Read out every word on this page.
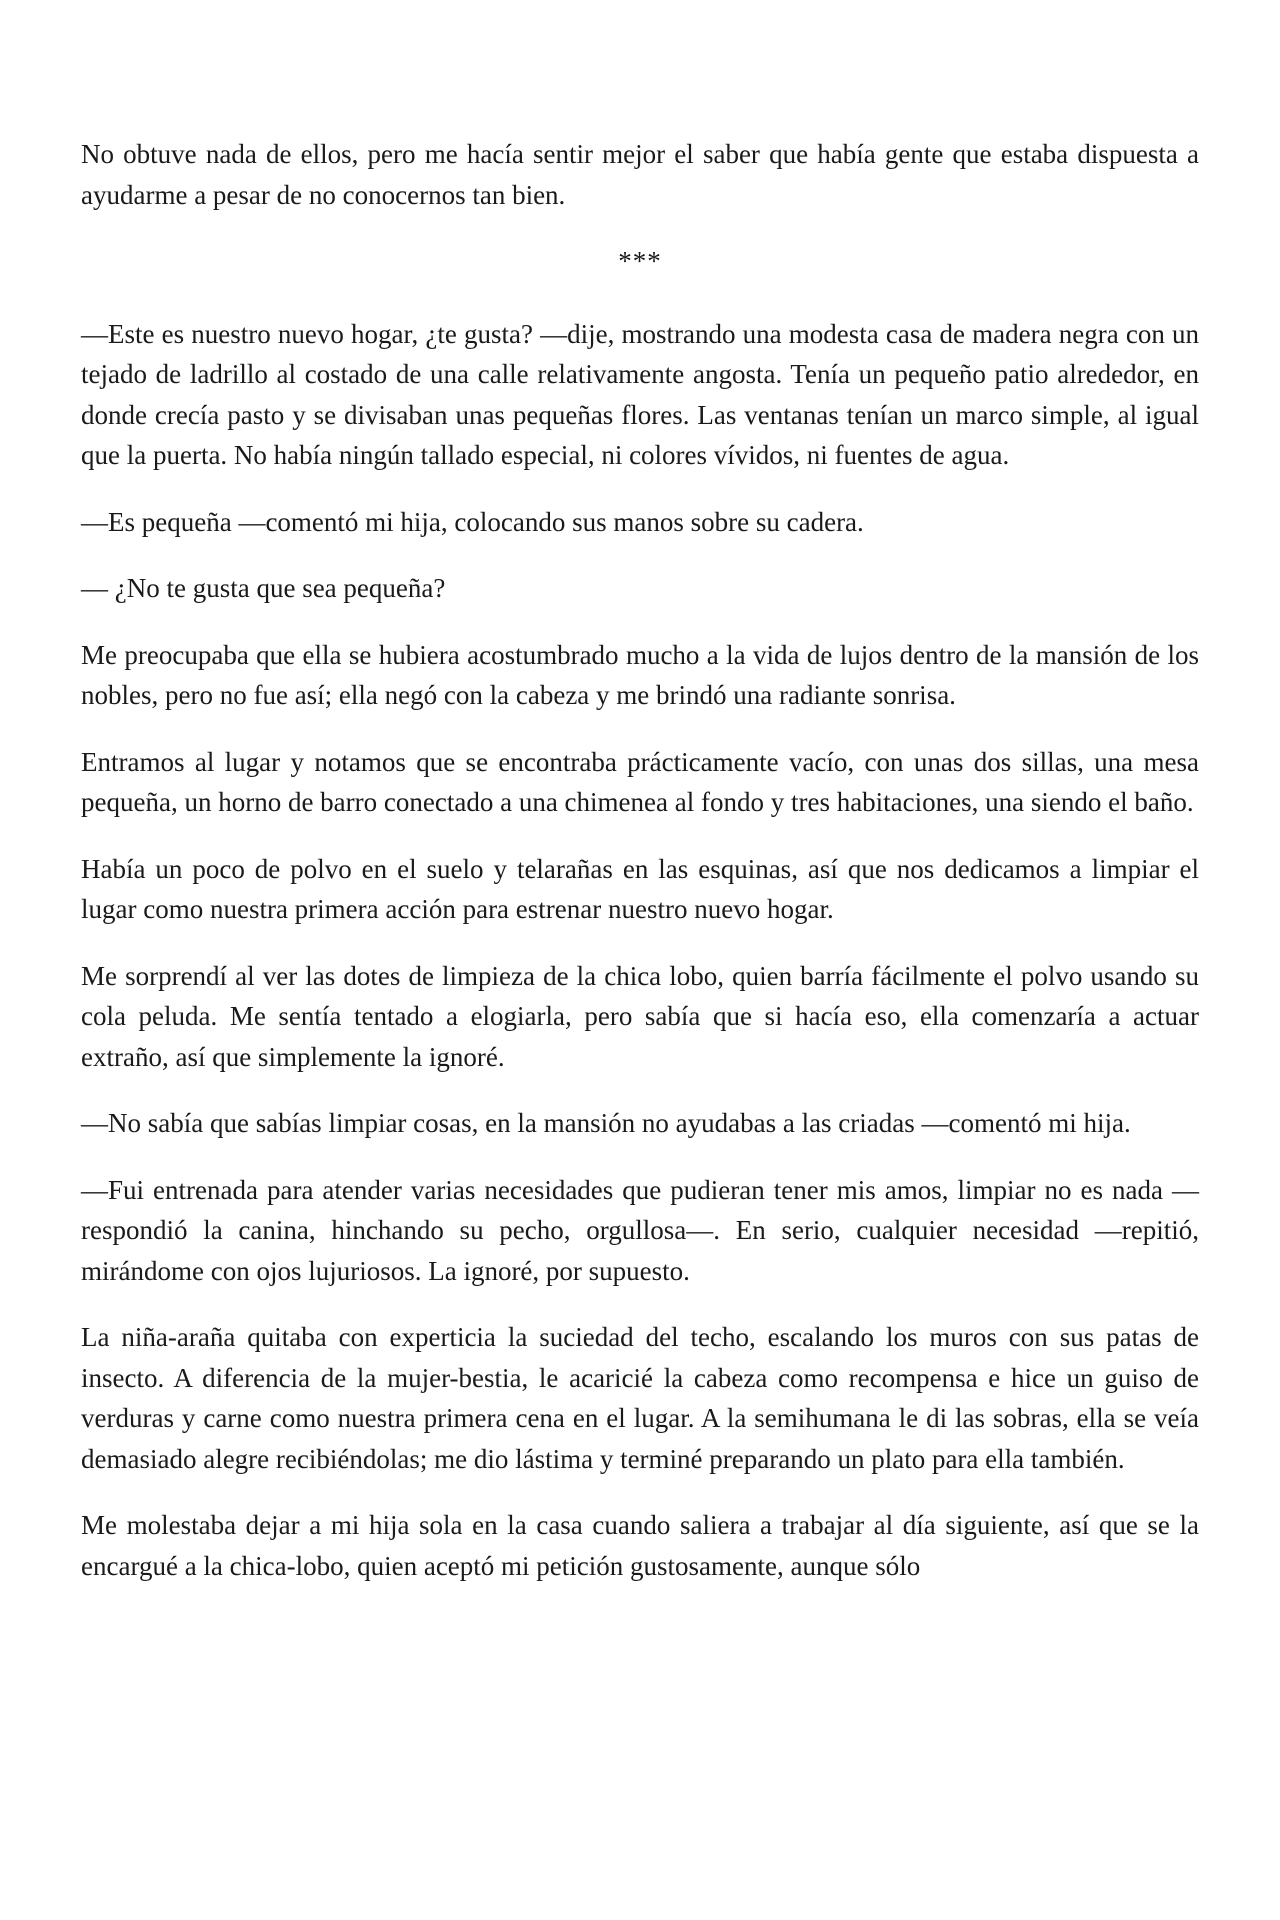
No obtuve nada de ellos, pero me hacía sentir mejor el saber que había gente que estaba dispuesta a ayudarme a pesar de no conocernos tan bien.

***

—Este es nuestro nuevo hogar, ¿te gusta? —dije, mostrando una modesta casa de madera negra con un tejado de ladrillo al costado de una calle relativamente angosta. Tenía un pequeño patio alrededor, en donde crecía pasto y se divisaban unas pequeñas flores. Las ventanas tenían un marco simple, al igual que la puerta. No había ningún tallado especial, ni colores vívidos, ni fuentes de agua.

—Es pequeña —comentó mi hija, colocando sus manos sobre su cadera.

— ¿No te gusta que sea pequeña?

Me preocupaba que ella se hubiera acostumbrado mucho a la vida de lujos dentro de la mansión de los nobles, pero no fue así; ella negó con la cabeza y me brindó una radiante sonrisa.

Entramos al lugar y notamos que se encontraba prácticamente vacío, con unas dos sillas, una mesa pequeña, un horno de barro conectado a una chimenea al fondo y tres habitaciones, una siendo el baño.

Había un poco de polvo en el suelo y telarañas en las esquinas, así que nos dedicamos a limpiar el lugar como nuestra primera acción para estrenar nuestro nuevo hogar.

Me sorprendí al ver las dotes de limpieza de la chica lobo, quien barría fácilmente el polvo usando su cola peluda. Me sentía tentado a elogiarla, pero sabía que si hacía eso, ella comenzaría a actuar extraño, así que simplemente la ignoré.

—No sabía que sabías limpiar cosas, en la mansión no ayudabas a las criadas —comentó mi hija.

—Fui entrenada para atender varias necesidades que pudieran tener mis amos, limpiar no es nada —respondió la canina, hinchando su pecho, orgullosa—. En serio, cualquier necesidad —repitió, mirándome con ojos lujuriosos. La ignoré, por supuesto.

La niña-araña quitaba con experticia la suciedad del techo, escalando los muros con sus patas de insecto. A diferencia de la mujer-bestia, le acaricié la cabeza como recompensa e hice un guiso de verduras y carne como nuestra primera cena en el lugar. A la semihumana le di las sobras, ella se veía demasiado alegre recibiéndolas; me dio lástima y terminé preparando un plato para ella también.

Me molestaba dejar a mi hija sola en la casa cuando saliera a trabajar al día siguiente, así que se la encargué a la chica-lobo, quien aceptó mi petición gustosamente, aunque sólo
